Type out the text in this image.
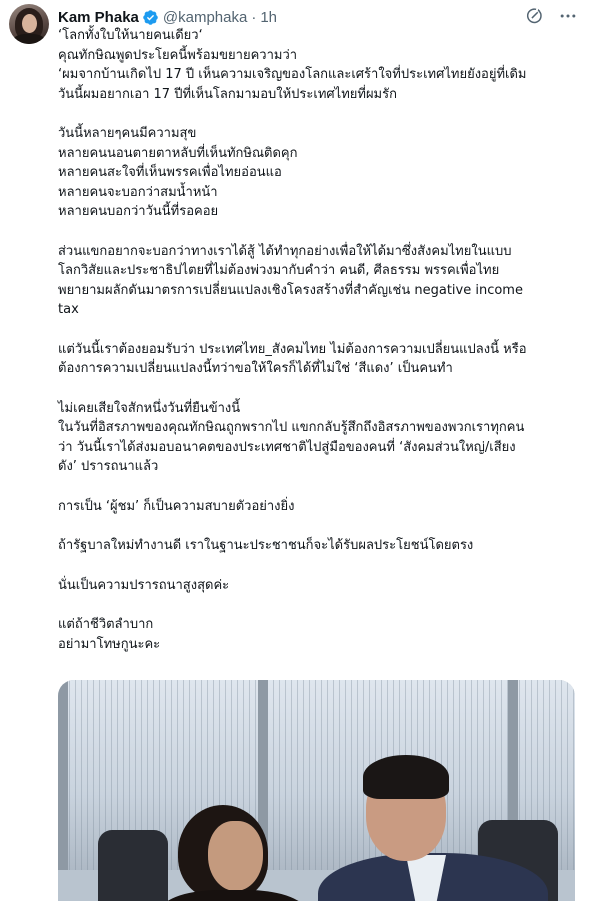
Kam Phaka @kamphaka · 1h

‘โลกทั้งใบให้นายคนเดียว‘

คุณทักษิณพูดประโยคนี้พร้อมขยายความว่า

‘ผมจากบ้านเกิดไป 17 ปี เห็นความเจริญของโลกและเศร้าใจที่ประเทศไทยยังอยู่ที่เดิม

วันนี้ผมอยากเอา 17 ปีที่เห็นโลกมามอบให้ประเทศไทยที่ผมรัก

วันนี้หลายๆคนมีความสุข

หลายคนนอนตายตาหลับที่เห็นทักษิณติดคุก

หลายคนสะใจที่เห็นพรรคเพื่อไทยอ่อนแอ

หลายคนจะบอกว่าสมน้ำหน้า

หลายคนบอกว่าวันนี้ที่รอคอย

ส่วนแขกอยากจะบอกว่าทางเราได้สู้ ได้ทำทุกอย่างเพื่อให้ได้มาซึ่งสังคมไทยในแบบ

โลกวิสัยและประชาธิปไตยที่ไม่ต้องพ่วงมากับคำว่า คนดี, ศีลธรรม พรรคเพื่อไทย

พยายามผลักดันมาตรการเปลี่ยนแปลงเชิงโครงสร้างที่สำคัญเช่น negative income

tax

แต่วันนี้เราต้องยอมรับว่า ประเทศไทย_สังคมไทย ไม่ต้องการความเปลี่ยนแปลงนี้ หรือ

ต้องการความเปลี่ยนแปลงนี้ทว่าขอให้ใครก็ได้ที่ไม่ใช่ ‘สีแดง’ เป็นคนทำ

ไม่เคยเสียใจสักหนึ่งวันที่ยืนข้างนี้

ในวันที่อิสรภาพของคุณทักษิณถูกพรากไป แขกกลับรู้สึกถึงอิสรภาพของพวกเราทุกคน

ว่า วันนี้เราได้ส่งมอบอนาคตของประเทศชาติไปสู่มือของคนที่ ‘สังคมส่วนใหญ่/เสียง

ดัง’ ปรารถนาแล้ว

การเป็น ‘ผู้ชม’ ก็เป็นความสบายตัวอย่างยิ่ง

ถ้ารัฐบาลใหม่ทำงานดี เราในฐานะประชาชนก็จะได้รับผลประโยชน์โดยตรง

นั่นเป็นความปรารถนาสูงสุดค่ะ

แต่ถ้าชีวิตลำบาก

อย่ามาโทษกูนะคะ
